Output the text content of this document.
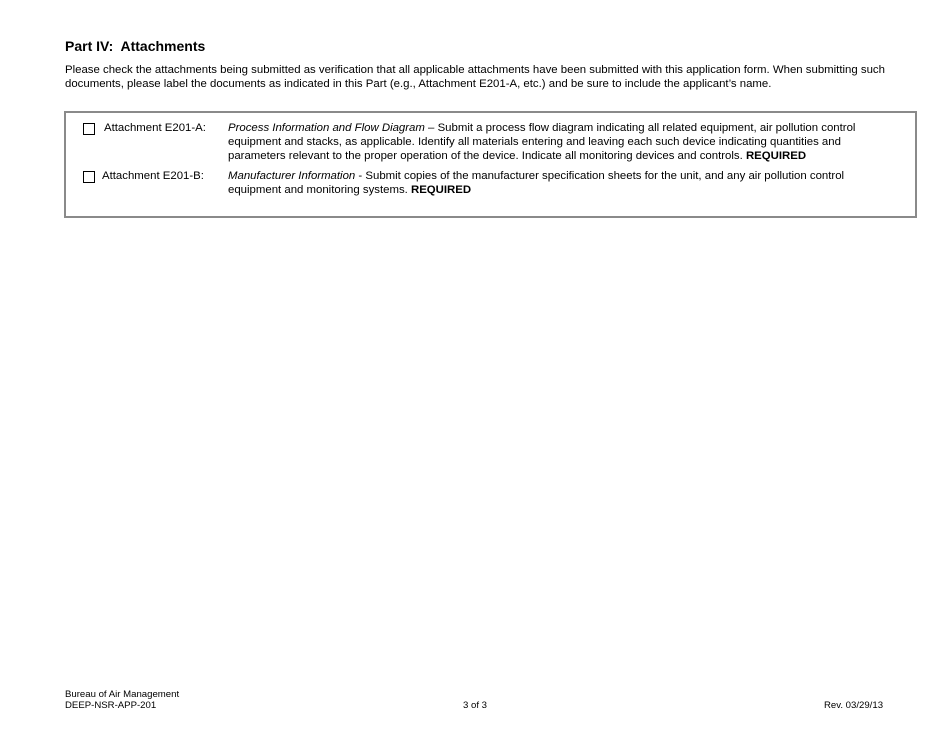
Part IV:  Attachments

Please check the attachments being submitted as verification that all applicable attachments have been submitted with this application form. When submitting such documents, please label the documents as indicated in this Part (e.g., Attachment E201-A, etc.) and be sure to include the applicant’s name.

Attachment E201-A: Process Information and Flow Diagram – Submit a process flow diagram indicating all related equipment, air pollution control equipment and stacks, as applicable. Identify all materials entering and leaving each such device indicating quantities and parameters relevant to the proper operation of the device. Indicate all monitoring devices and controls. REQUIRED
Attachment E201-B: Manufacturer Information - Submit copies of the manufacturer specification sheets for the unit, and any air pollution control equipment and monitoring systems. REQUIRED
Bureau of Air Management
DEEP-NSR-APP-201	3 of 3	Rev. 03/29/13
